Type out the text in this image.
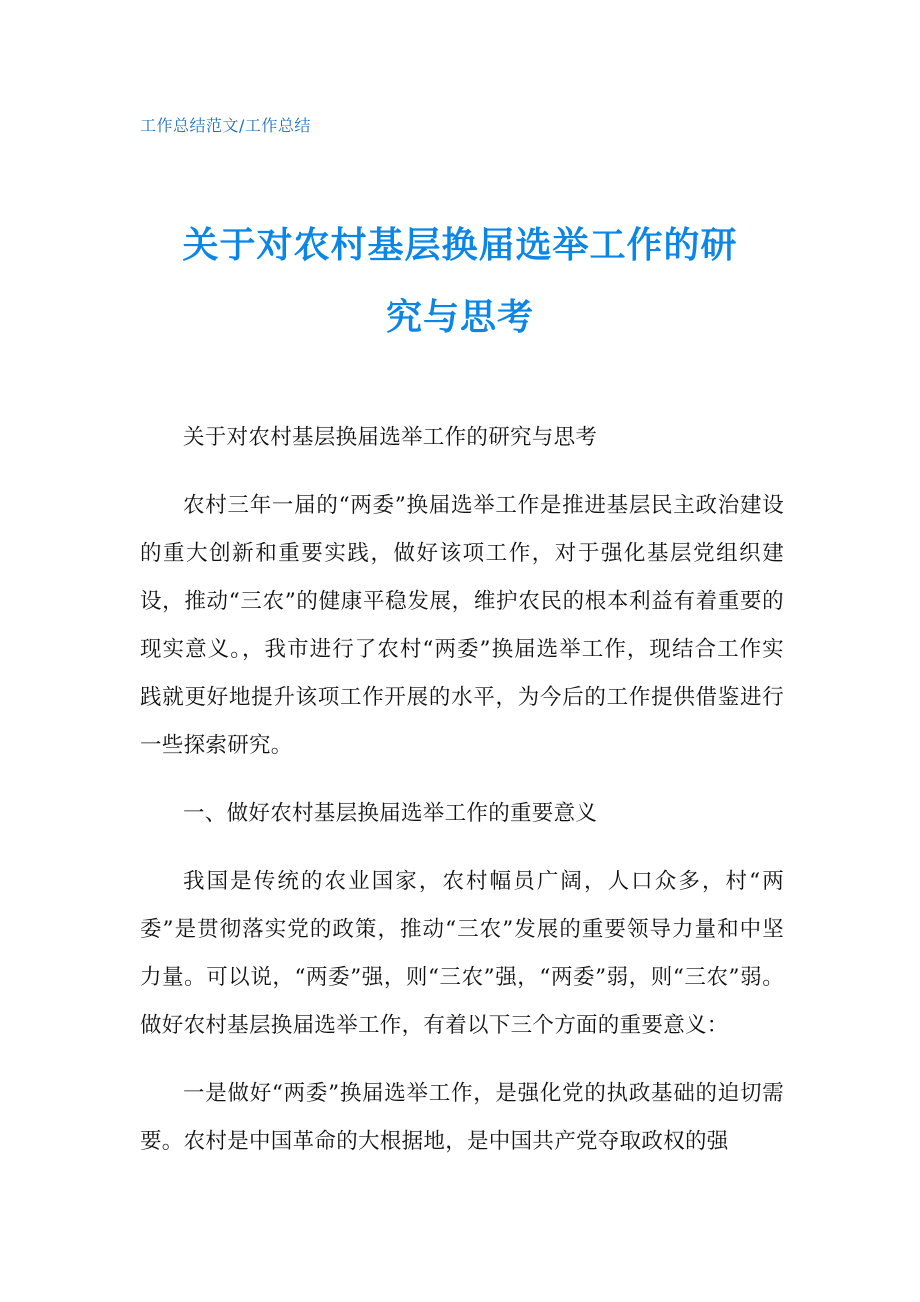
工作总结范文/工作总结
关于对农村基层换届选举工作的研
究与思考

关于对农村基层换届选举工作的研究与思考

农村三年一届的“两委”换届选举工作是推进基层民主政治建设的重大创新和重要实践，做好该项工作，对于强化基层党组织建设，推动“三农”的健康平稳发展，维护农民的根本利益有着重要的现实意义。，我市进行了农村“两委”换届选举工作，现结合工作实践就更好地提升该项工作开展的水平，为今后的工作提供借鉴进行一些探索研究。

一、做好农村基层换届选举工作的重要意义

我国是传统的农业国家，农村幅员广阔，人口众多，村“两委”是贯彻落实党的政策，推动“三农”发展的重要领导力量和中坚力量。可以说，“两委”强，则“三农”强，“两委”弱，则“三农”弱。做好农村基层换届选举工作，有着以下三个方面的重要意义：

一是做好“两委”换届选举工作，是强化党的执政基础的迫切需要。农村是中国革命的大根据地，是中国共产党夺取政权的强
